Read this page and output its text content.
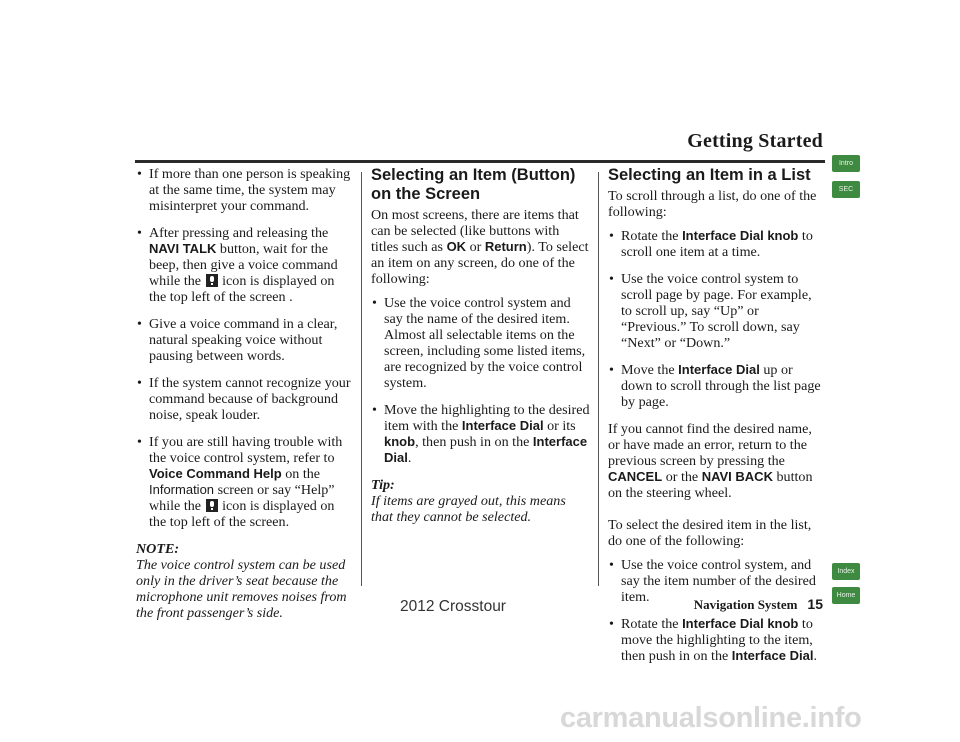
Getting Started
Intro
SEC
Index
Home
• If more than one person is speaking at the same time, the system may misinterpret your command.
• After pressing and releasing the NAVI TALK button, wait for the beep, then give a voice command while the  icon is displayed on the top left of the screen .
• Give a voice command in a clear, natural speaking voice without pausing between words.
• If the system cannot recognize your command because of background noise, speak louder.
• If you are still having trouble with the voice control system, refer to Voice Command Help on the Information screen or say “Help” while the  icon is displayed on the top left of the screen.
NOTE:
The voice control system can be used only in the driver’s seat because the microphone unit removes noises from the front passenger’s side.
Selecting an Item (Button) on the Screen

On most screens, there are items that can be selected (like buttons with titles such as OK or Return). To select an item on any screen, do one of the following:

• Use the voice control system and say the name of the desired item. Almost all selectable items on the screen, including some listed items, are recognized by the voice control system.
• Move the highlighting to the desired item with the Interface Dial or its knob, then push in on the Interface Dial.
Tip:
If items are grayed out, this means that they cannot be selected.
Selecting an Item in a List

To scroll through a list, do one of the following:

• Rotate the Interface Dial knob to scroll one item at a time.
• Use the voice control system to scroll page by page. For example, to scroll up, say “Up” or “Previous.” To scroll down, say “Next” or “Down.”
• Move the Interface Dial up or down to scroll through the list page by page.

If you cannot find the desired name, or have made an error, return to the previous screen by pressing the CANCEL or the NAVI BACK button on the steering wheel.

To select the desired item in the list, do one of the following:

• Use the voice control system, and say the item number of the desired item.
• Rotate the Interface Dial knob to move the highlighting to the item, then push in on the Interface Dial.
Navigation System 15
2012 Crosstour
carmanualsonline.info
